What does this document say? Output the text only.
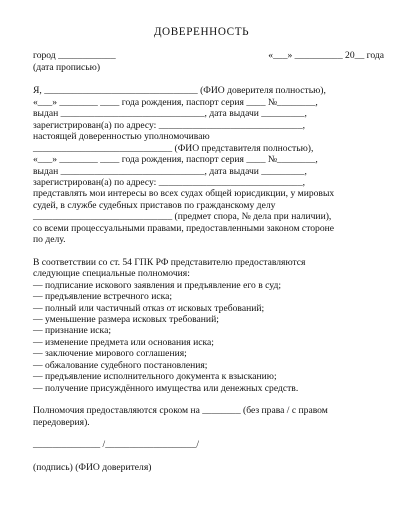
ДОВЕРЕННОСТЬ
город ____________	«___» __________ 20__ года
(дата прописью)
Я, ________________________________ (ФИО доверителя полностью),
«___» ________ ____ года рождения, паспорт серия ____ №________,
выдан ______________________________, дата выдачи _________,
зарегистрирован(а) по адресу: ______________________________,
настоящей доверенностью уполномочиваю
_____________________________ (ФИО представителя полностью),
«___» ________ ____ года рождения, паспорт серия ____ №________,
выдан ______________________________, дата выдачи _________,
зарегистрирован(а) по адресу: ______________________________,
представлять мои интересы во всех судах общей юрисдикции, у мировых
судей, в службе судебных приставов по гражданскому делу
_____________________________ (предмет спора, № дела при наличии),
со всеми процессуальными правами, предоставленными законом стороне
по делу.
В соответствии со ст. 54 ГПК РФ представителю предоставляются
следующие специальные полномочия:
— подписание искового заявления и предъявление его в суд;
— предъявление встречного иска;
— полный или частичный отказ от исковых требований;
— уменьшение размера исковых требований;
— признание иска;
— изменение предмета или основания иска;
— заключение мирового соглашения;
— обжалование судебного постановления;
— предъявление исполнительного документа к взысканию;
— получение присуждённого имущества или денежных средств.
Полномочия предоставляются сроком на ________ (без права / с правом
передоверия).
______________ /___________________/
(подпись) (ФИО доверителя)
